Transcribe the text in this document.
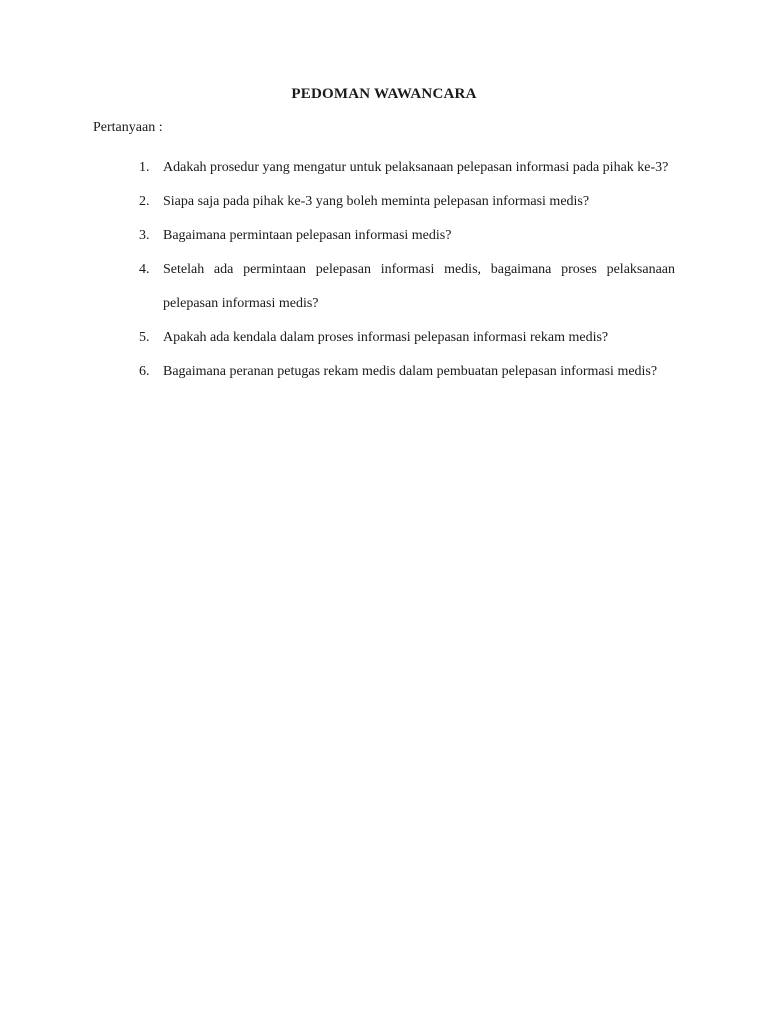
PEDOMAN WAWANCARA
Pertanyaan :
1. Adakah prosedur yang mengatur untuk pelaksanaan pelepasan informasi pada pihak ke-3?
2. Siapa saja pada pihak ke-3 yang boleh meminta pelepasan informasi medis?
3. Bagaimana permintaan pelepasan informasi medis?
4. Setelah ada permintaan pelepasan informasi medis, bagaimana proses pelaksanaan pelepasan informasi medis?
5. Apakah ada kendala dalam proses informasi pelepasan informasi rekam medis?
6. Bagaimana peranan petugas rekam medis dalam pembuatan pelepasan informasi medis?
